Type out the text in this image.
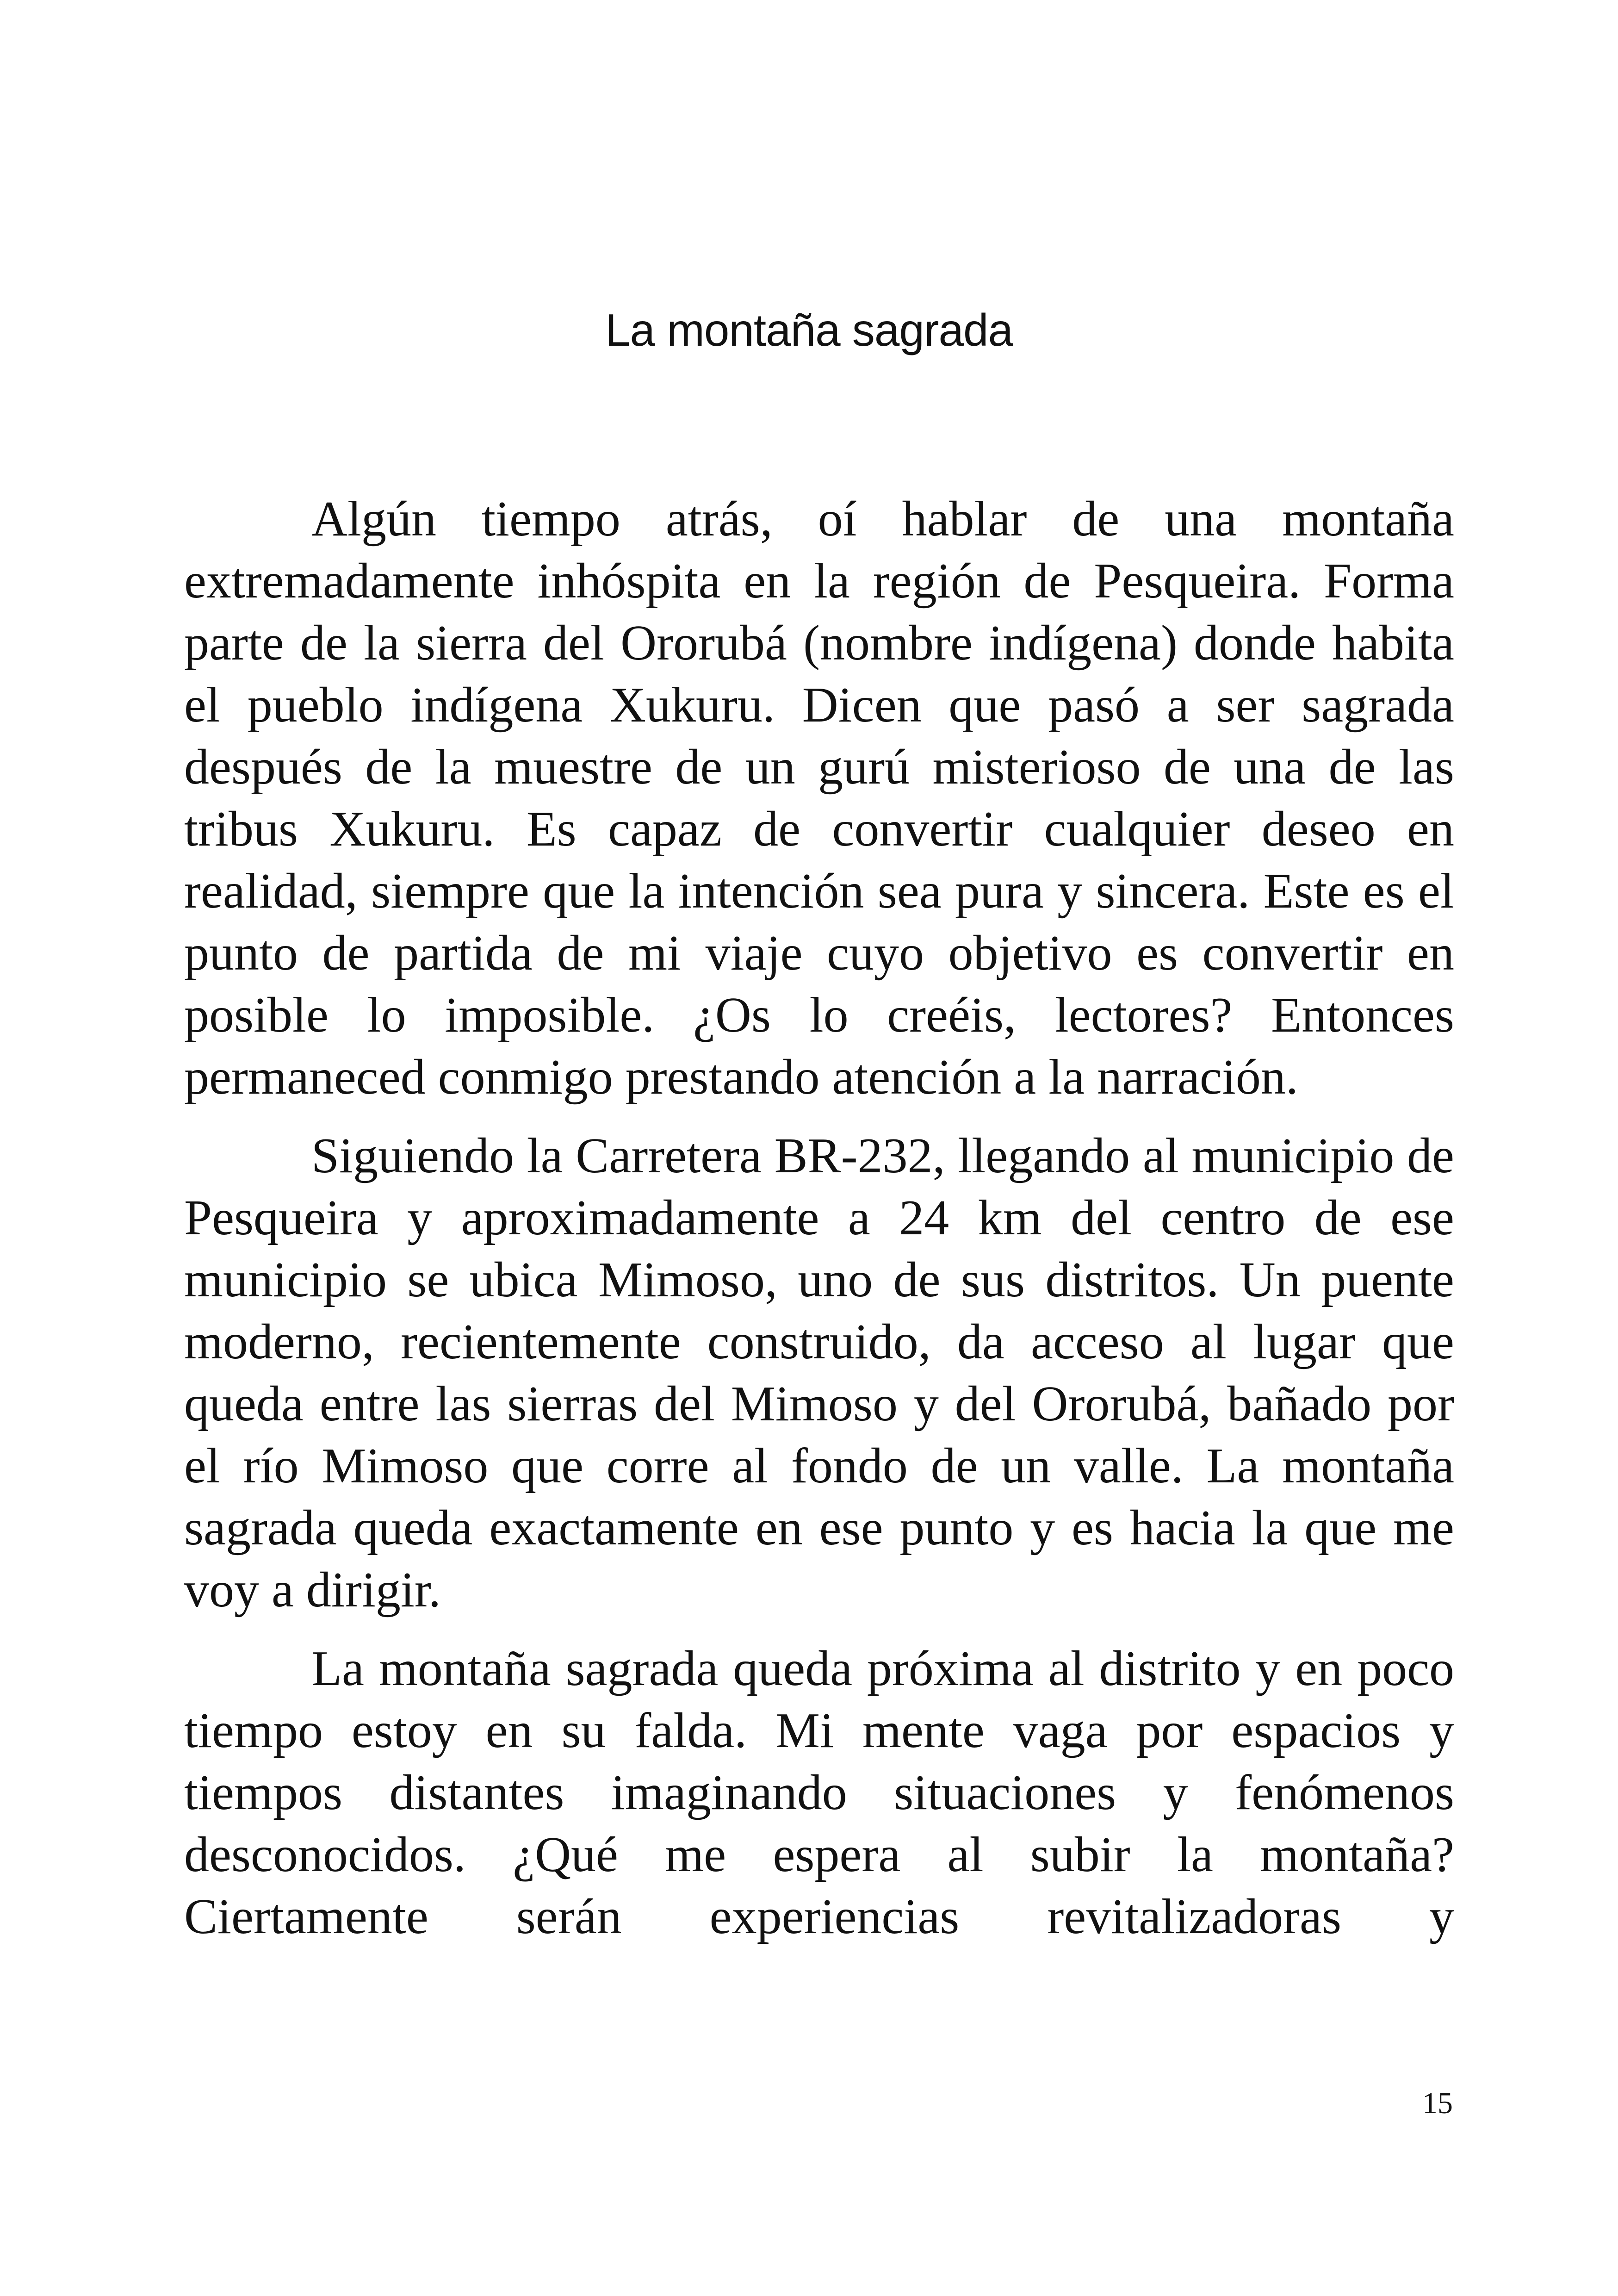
La montaña sagrada

Algún tiempo atrás, oí hablar de una montaña extremadamente inhóspita en la región de Pesqueira. Forma parte de la sierra del Ororubá (nombre indígena) donde habita el pueblo indígena Xukuru. Dicen que pasó a ser sagrada después de la muestre de un gurú misterioso de una de las tribus Xukuru. Es capaz de convertir cualquier deseo en realidad, siempre que la intención sea pura y sincera. Este es el punto de partida de mi viaje cuyo objetivo es convertir en posible lo imposible. ¿Os lo creéis, lectores? Entonces permaneced conmigo prestando atención a la narración.

Siguiendo la Carretera BR-232, llegando al municipio de Pesqueira y aproximadamente a 24 km del centro de ese municipio se ubica Mimoso, uno de sus distritos. Un puente moderno, recientemente construido, da acceso al lugar que queda entre las sierras del Mimoso y del Ororubá, bañado por el río Mimoso que corre al fondo de un valle. La montaña sagrada queda exactamente en ese punto y es hacia la que me voy a dirigir.

La montaña sagrada queda próxima al distrito y en poco tiempo estoy en su falda. Mi mente vaga por espacios y tiempos distantes imaginando situaciones y fenómenos desconocidos. ¿Qué me espera al subir la montaña? Ciertamente serán experiencias revitalizadoras y

15
